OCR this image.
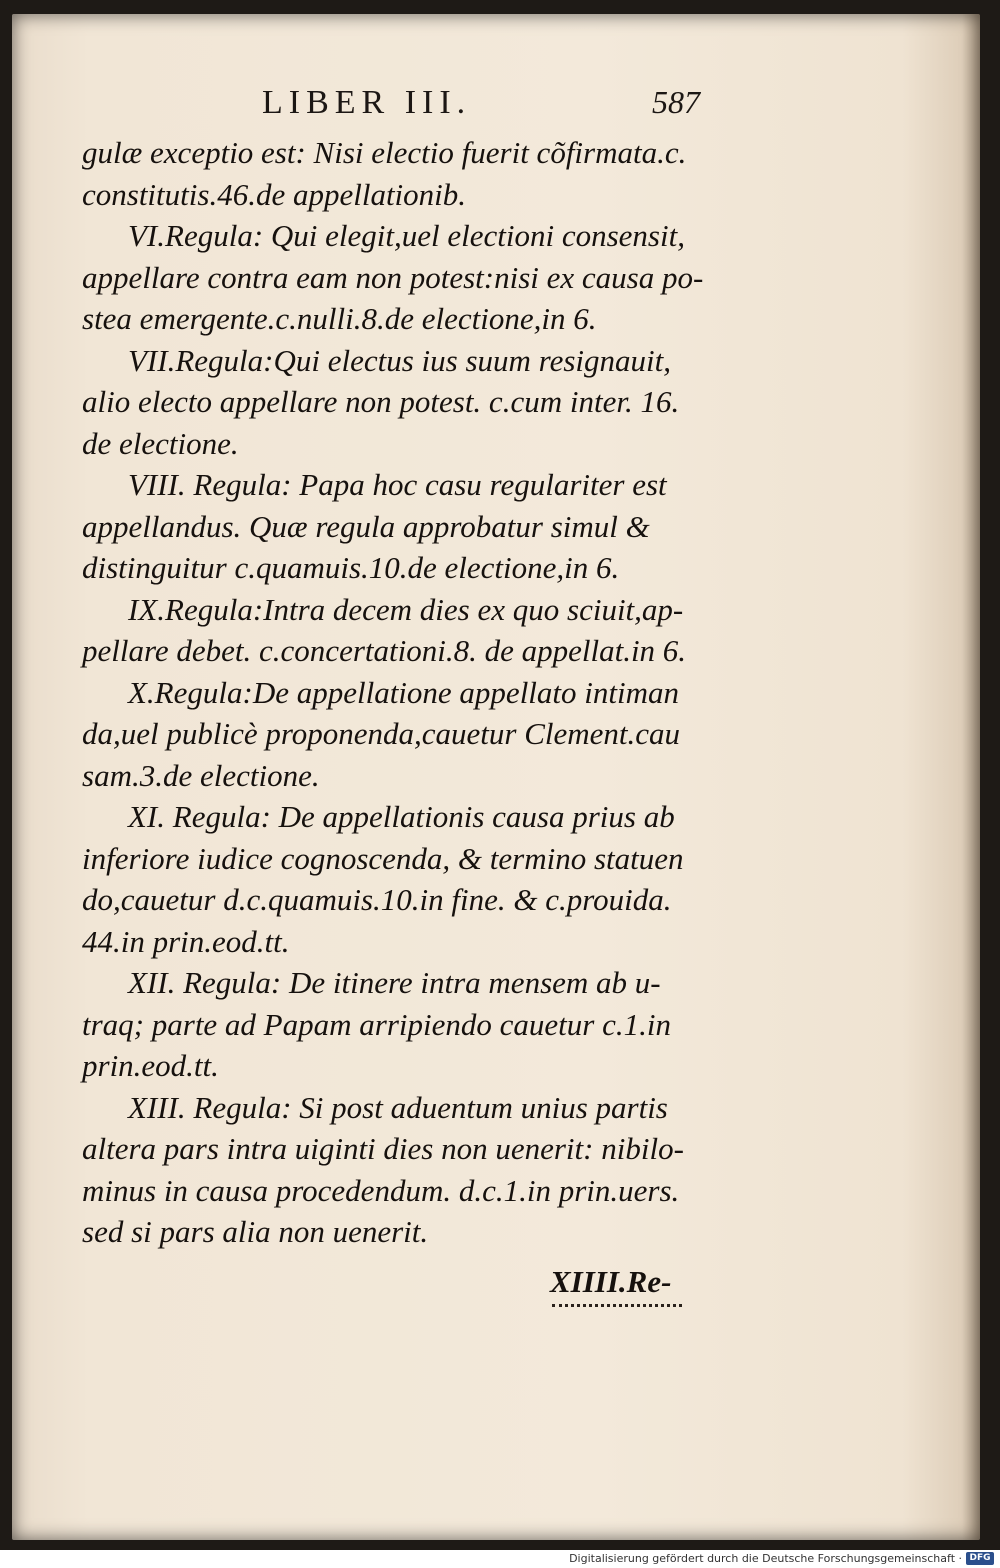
LIBER III.	587
gulæ exceptio est: Nisi electio fuerit cõfirmata.c.
constitutis.46.de appellationib.
VI.Regula: Qui elegit,uel electioni consensit,
appellare contra eam non potest:nisi ex causa po-
stea emergente.c.nulli.8.de electione,in 6.
VII.Regula:Qui electus ius suum resignauit,
alio electo appellare non potest. c.cum inter. 16.
de electione.
VIII. Regula: Papa hoc casu regulariter est
appellandus. Quæ regula approbatur simul &
distinguitur c.quamuis.10.de electione,in 6.
IX.Regula:Intra decem dies ex quo sciuit,ap-
pellare debet. c.concertationi.8. de appellat.in 6.
X.Regula:De appellatione appellato intiman
da,uel publicè proponenda,cauetur Clement.cau
sam.3.de electione.
XI. Regula: De appellationis causa prius ab
inferiore iudice cognoscenda, & termino statuen
do,cauetur d.c.quamuis.10.in fine. & c.prouida.
44.in prin.eod.tt.
XII. Regula: De itinere intra mensem ab u-
traq; parte ad Papam arripiendo cauetur c.1.in
prin.eod.tt.
XIII. Regula: Si post aduentum unius partis
altera pars intra uiginti dies non uenerit: nibilo-
minus in causa procedendum. d.c.1.in prin.uers.
sed si pars alia non uenerit.
XIIII.Re-
Digitalisierung gefördert durch die Deutsche Forschungsgemeinschaft · DFG
